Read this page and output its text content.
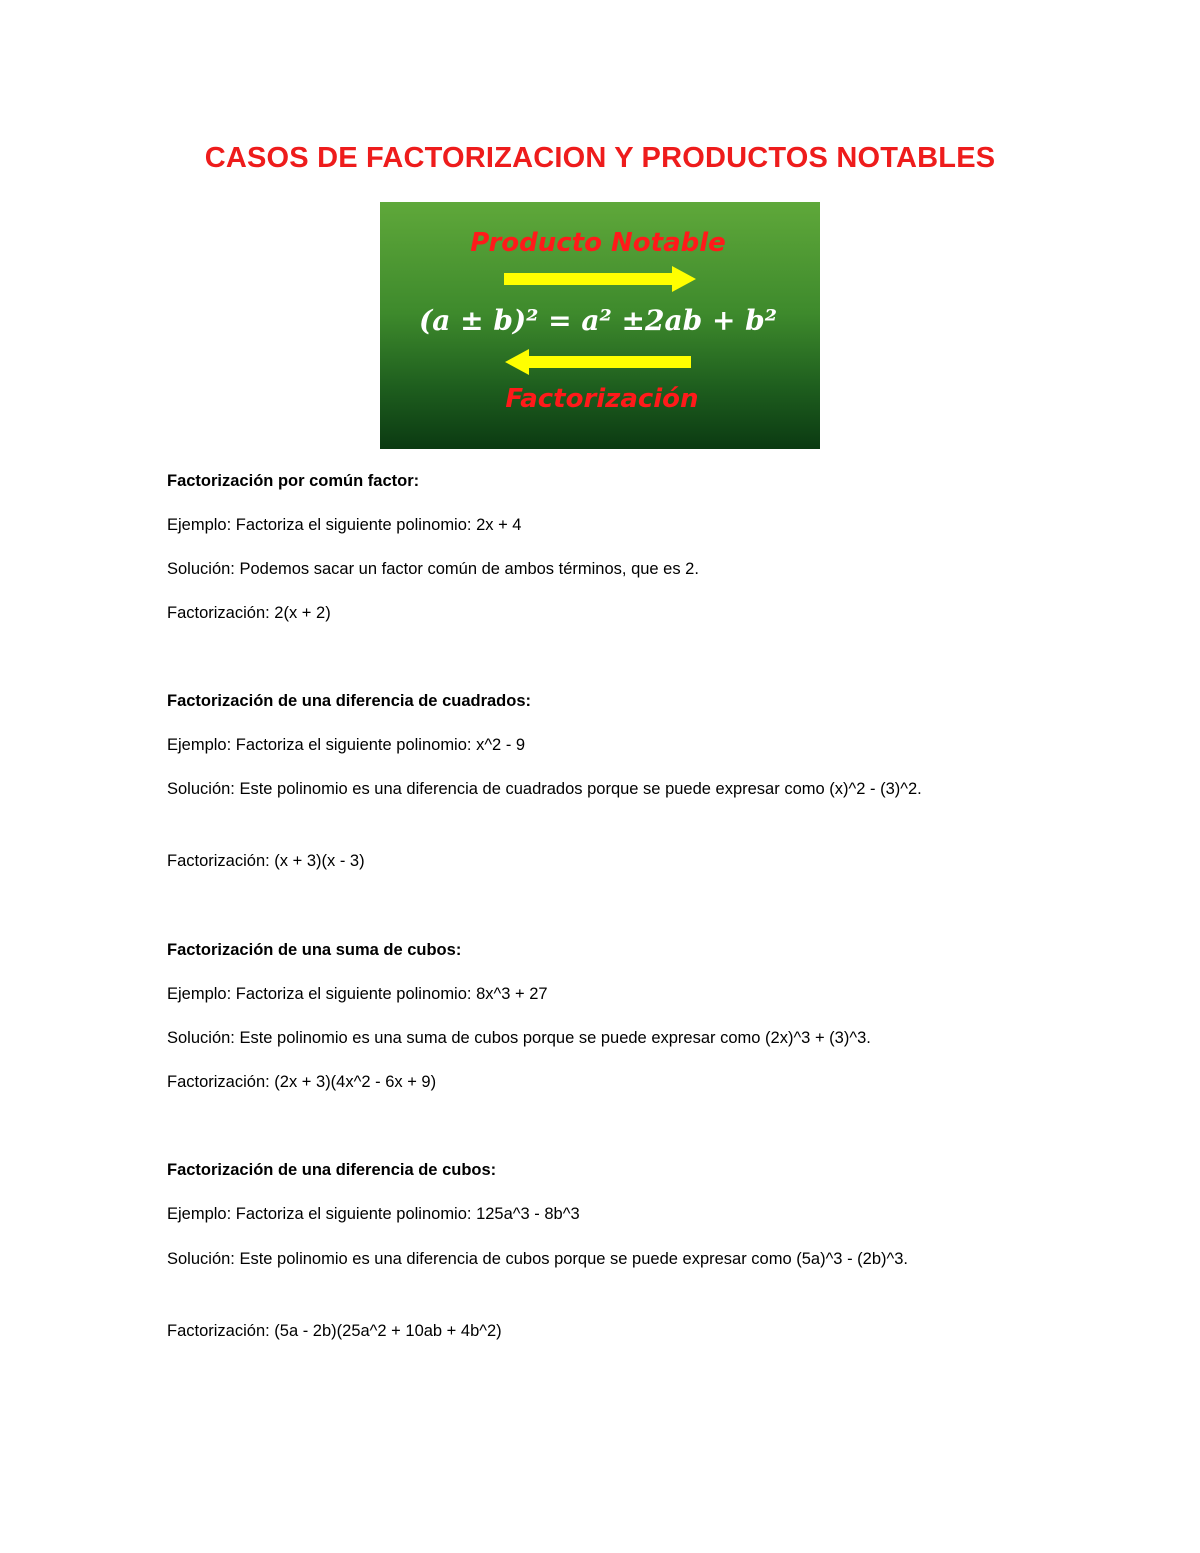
CASOS DE FACTORIZACION Y PRODUCTOS NOTABLES
Producto Notable
(a ± b)² = a² ±2ab + b²
Factorización
Factorización por común factor:
Ejemplo: Factoriza el siguiente polinomio: 2x + 4
Solución: Podemos sacar un factor común de ambos términos, que es 2.
Factorización: 2(x + 2)
Factorización de una diferencia de cuadrados:
Ejemplo: Factoriza el siguiente polinomio: x^2 - 9
Solución: Este polinomio es una diferencia de cuadrados porque se puede expresar como (x)^2 - (3)^2.
Factorización: (x + 3)(x - 3)
Factorización de una suma de cubos:
Ejemplo: Factoriza el siguiente polinomio: 8x^3 + 27
Solución: Este polinomio es una suma de cubos porque se puede expresar como (2x)^3 + (3)^3.
Factorización: (2x + 3)(4x^2 - 6x + 9)
Factorización de una diferencia de cubos:
Ejemplo: Factoriza el siguiente polinomio: 125a^3 - 8b^3
Solución: Este polinomio es una diferencia de cubos porque se puede expresar como (5a)^3 - (2b)^3.
Factorización: (5a - 2b)(25a^2 + 10ab + 4b^2)
